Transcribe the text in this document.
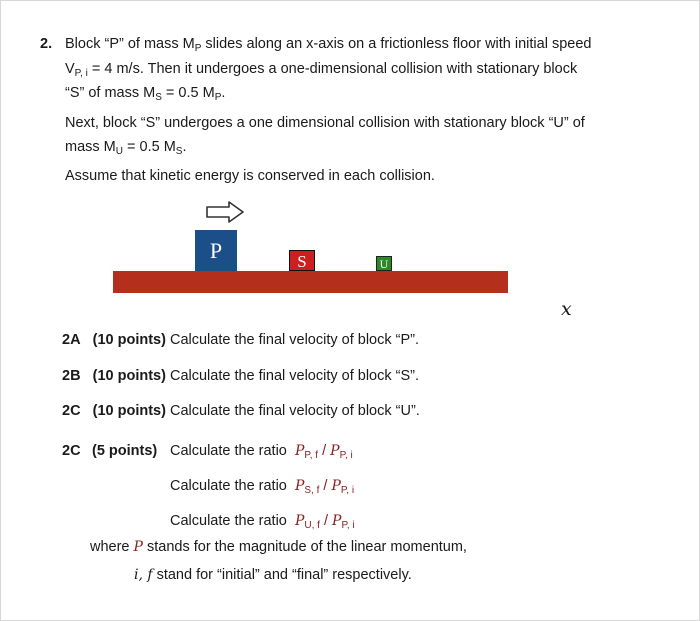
2. Block “P” of mass $M_P$ slides along an x-axis on a frictionless floor with initial speed
$V_{P, i} = 4$ m/s. Then it undergoes a one-dimensional collision with stationary block
“S” of mass $M_S = 0.5$ $M_P$.
Next, block “S” undergoes a one dimensional collision with stationary block “U” of
mass $M_U = 0.5$ $M_S$.
Assume that kinetic energy is conserved in each collision.
P	S	U
x
2A (10 points) Calculate the final velocity of block “P”.
2B (10 points) Calculate the final velocity of block “S”.
2C (10 points) Calculate the final velocity of block “U”.
2C (5 points) Calculate the ratio $P_{P, f} / P_{P, i}$
Calculate the ratio $P_{S, f} / P_{P, i}$
Calculate the ratio $P_{U, f} / P_{P, i}$
where P stands for the magnitude of the linear momentum,
i, f stand for “initial” and “final” respectively.
